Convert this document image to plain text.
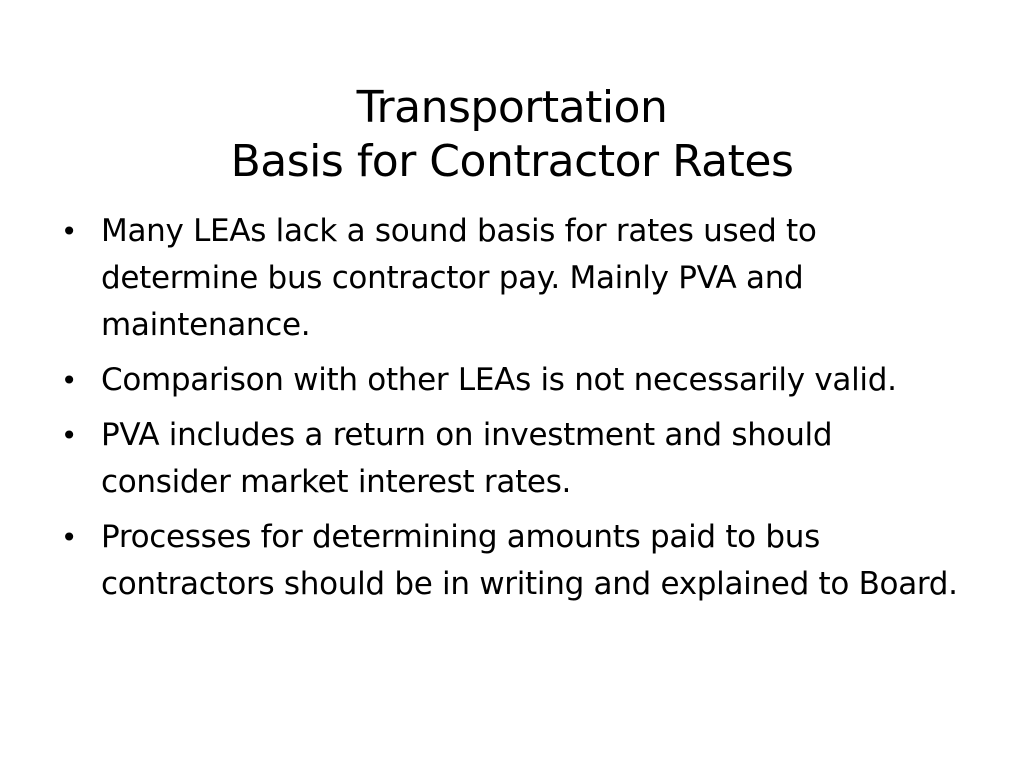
Transportation
Basis for Contractor Rates
• Many LEAs lack a sound basis for rates used to determine bus contractor pay. Mainly PVA and maintenance.
• Comparison with other LEAs is not necessarily valid.
• PVA includes a return on investment and should consider market interest rates.
• Processes for determining amounts paid to bus contractors should be in writing and explained to Board.
